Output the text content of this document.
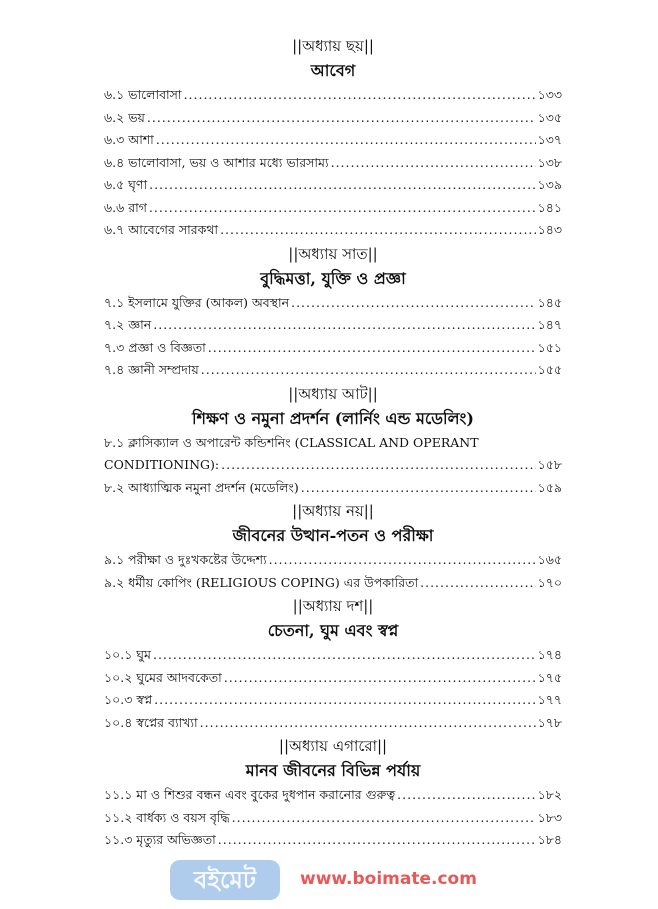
||অধ্যায় ছয়||
আবেগ
৬.১ ভালোবাসা .....	১৩৩
৬.২ ভয় .....	১৩৫
৬.৩ আশা .....	১৩৭
৬.৪ ভালোবাসা, ভয় ও আশার মধ্যে ভারসাম্য .....	১৩৮
৬.৫ ঘৃণা .....	১৩৯
৬.৬ রাগ .....	১৪১
৬.৭ আবেগের সারকথা .....	১৪৩
||অধ্যায় সাত||
বুদ্ধিমত্তা, যুক্তি ও প্রজ্ঞা
৭.১ ইসলামে যুক্তির (আকল) অবস্থান .....	১৪৫
৭.২ জ্ঞান .....	১৪৭
৭.৩ প্রজ্ঞা ও বিজ্ঞতা .....	১৫১
৭.৪ জ্ঞানী সম্প্রদায় .....	১৫৫
||অধ্যায় আট||
শিক্ষণ ও নমুনা প্রদর্শন (লার্নিং এন্ড মডেলিং)
৮.১ ক্লাসিক্যাল ও অপারেন্ট কন্ডিশনিং (CLASSICAL AND OPERANT
CONDITIONING): .....	১৫৮
৮.২ আধ্যাত্মিক নমুনা প্রদর্শন (মডেলিং) .....	১৫৯
||অধ্যায় নয়||
জীবনের উত্থান-পতন ও পরীক্ষা
৯.১ পরীক্ষা ও দুঃখকষ্টের উদ্দেশ্য .....	১৬৫
৯.২ ধর্মীয় কোপিং (RELIGIOUS COPING) এর উপকারিতা .....	১৭০
||অধ্যায় দশ||
চেতনা, ঘুম এবং স্বপ্ন
১০.১ ঘুম .....	১৭৪
১০.২ ঘুমের আদবকেতা .....	১৭৫
১০.৩ স্বপ্ন .....	১৭৭
১০.৪ স্বপ্নের ব্যাখ্যা .....	১৭৮
||অধ্যায় এগারো||
মানব জীবনের বিভিন্ন পর্যায়
১১.১ মা ও শিশুর বন্ধন এবং বুকের দুধপান করানোর গুরুত্ব .....	১৮২
১১.২ বার্ধক্য ও বয়স বৃদ্ধি .....	১৮৩
১১.৩ মৃত্যুর অভিজ্ঞতা .....	১৮৪
বইমেট	www.boimate.com
